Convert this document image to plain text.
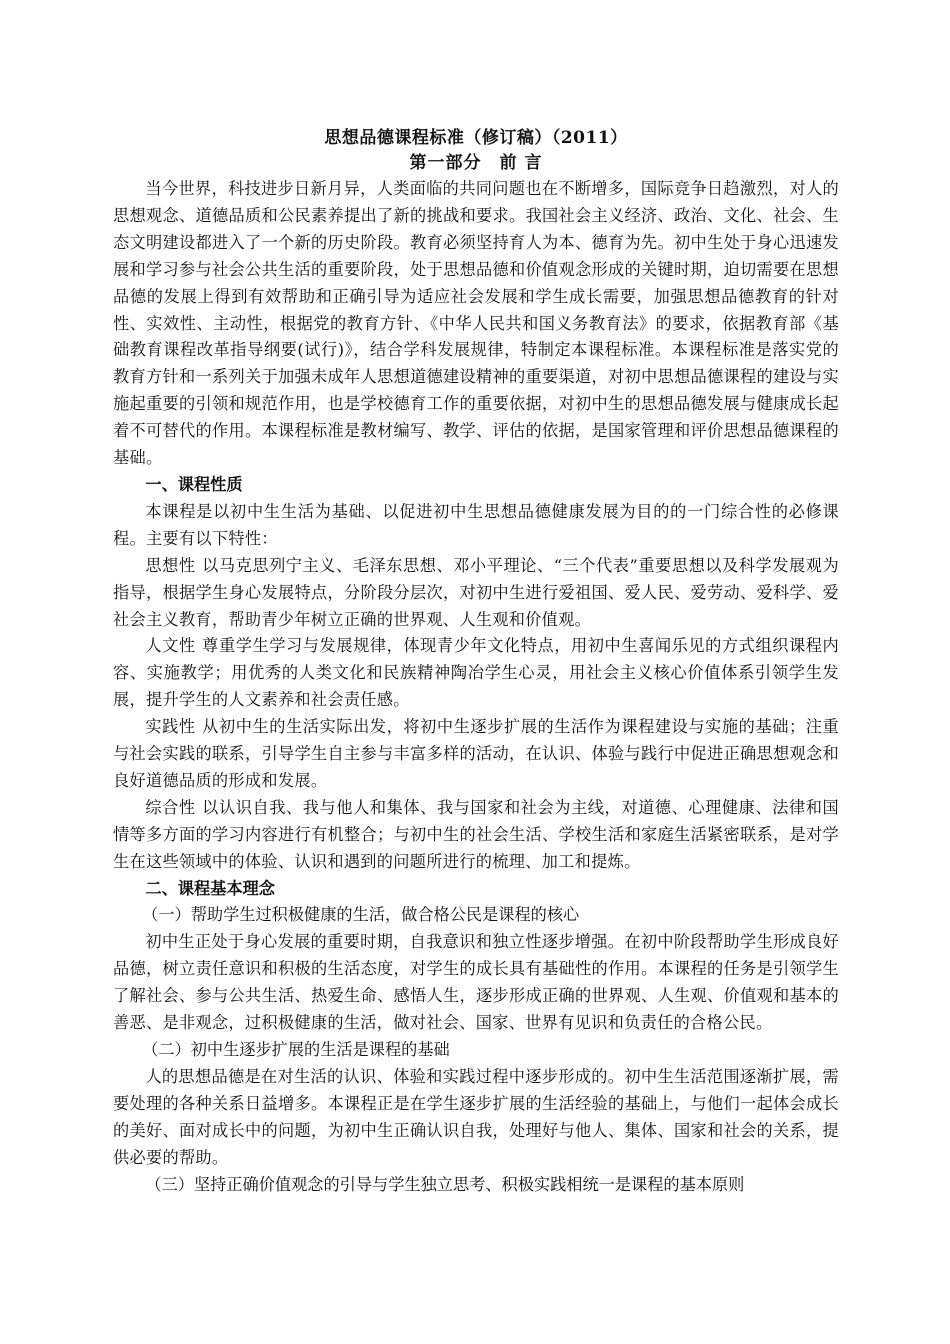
思想品德课程标准（修订稿）（2011）

第一部分　前 言

当今世界，科技进步日新月异，人类面临的共同问题也在不断增多，国际竞争日趋激烈，对人的思想观念、道德品质和公民素养提出了新的挑战和要求。我国社会主义经济、政治、文化、社会、生态文明建设都进入了一个新的历史阶段。教育必须坚持育人为本、德育为先。初中生处于身心迅速发展和学习参与社会公共生活的重要阶段，处于思想品德和价值观念形成的关键时期，迫切需要在思想品德的发展上得到有效帮助和正确引导为适应社会发展和学生成长需要，加强思想品德教育的针对性、实效性、主动性，根据党的教育方针、《中华人民共和国义务教育法》的要求，依据教育部《基础教育课程改革指导纲要(试行)》，结合学科发展规律，特制定本课程标准。本课程标准是落实党的教育方针和一系列关于加强未成年人思想道德建设精神的重要渠道，对初中思想品德课程的建设与实施起重要的引领和规范作用，也是学校德育工作的重要依据，对初中生的思想品德发展与健康成长起着不可替代的作用。本课程标准是教材编写、教学、评估的依据，是国家管理和评价思想品德课程的基础。

一、课程性质

本课程是以初中生生活为基础、以促进初中生思想品德健康发展为目的的一门综合性的必修课程。主要有以下特性：

思想性 以马克思列宁主义、毛泽东思想、邓小平理论、“三个代表”重要思想以及科学发展观为指导，根据学生身心发展特点，分阶段分层次，对初中生进行爱祖国、爱人民、爱劳动、爱科学、爱社会主义教育，帮助青少年树立正确的世界观、人生观和价值观。

人文性 尊重学生学习与发展规律，体现青少年文化特点，用初中生喜闻乐见的方式组织课程内容、实施教学；用优秀的人类文化和民族精神陶冶学生心灵，用社会主义核心价值体系引领学生发展，提升学生的人文素养和社会责任感。

实践性 从初中生的生活实际出发，将初中生逐步扩展的生活作为课程建设与实施的基础；注重与社会实践的联系，引导学生自主参与丰富多样的活动，在认识、体验与践行中促进正确思想观念和良好道德品质的形成和发展。

综合性 以认识自我、我与他人和集体、我与国家和社会为主线，对道德、心理健康、法律和国情等多方面的学习内容进行有机整合；与初中生的社会生活、学校生活和家庭生活紧密联系，是对学生在这些领域中的体验、认识和遇到的问题所进行的梳理、加工和提炼。

二、课程基本理念

（一）帮助学生过积极健康的生活，做合格公民是课程的核心

初中生正处于身心发展的重要时期，自我意识和独立性逐步增强。在初中阶段帮助学生形成良好品德，树立责任意识和积极的生活态度，对学生的成长具有基础性的作用。本课程的任务是引领学生了解社会、参与公共生活、热爱生命、感悟人生，逐步形成正确的世界观、人生观、价值观和基本的善恶、是非观念，过积极健康的生活，做对社会、国家、世界有见识和负责任的合格公民。

（二）初中生逐步扩展的生活是课程的基础

人的思想品德是在对生活的认识、体验和实践过程中逐步形成的。初中生生活范围逐渐扩展，需要处理的各种关系日益增多。本课程正是在学生逐步扩展的生活经验的基础上，与他们一起体会成长的美好、面对成长中的问题，为初中生正确认识自我，处理好与他人、集体、国家和社会的关系，提供必要的帮助。

（三）坚持正确价值观念的引导与学生独立思考、积极实践相统一是课程的基本原则
